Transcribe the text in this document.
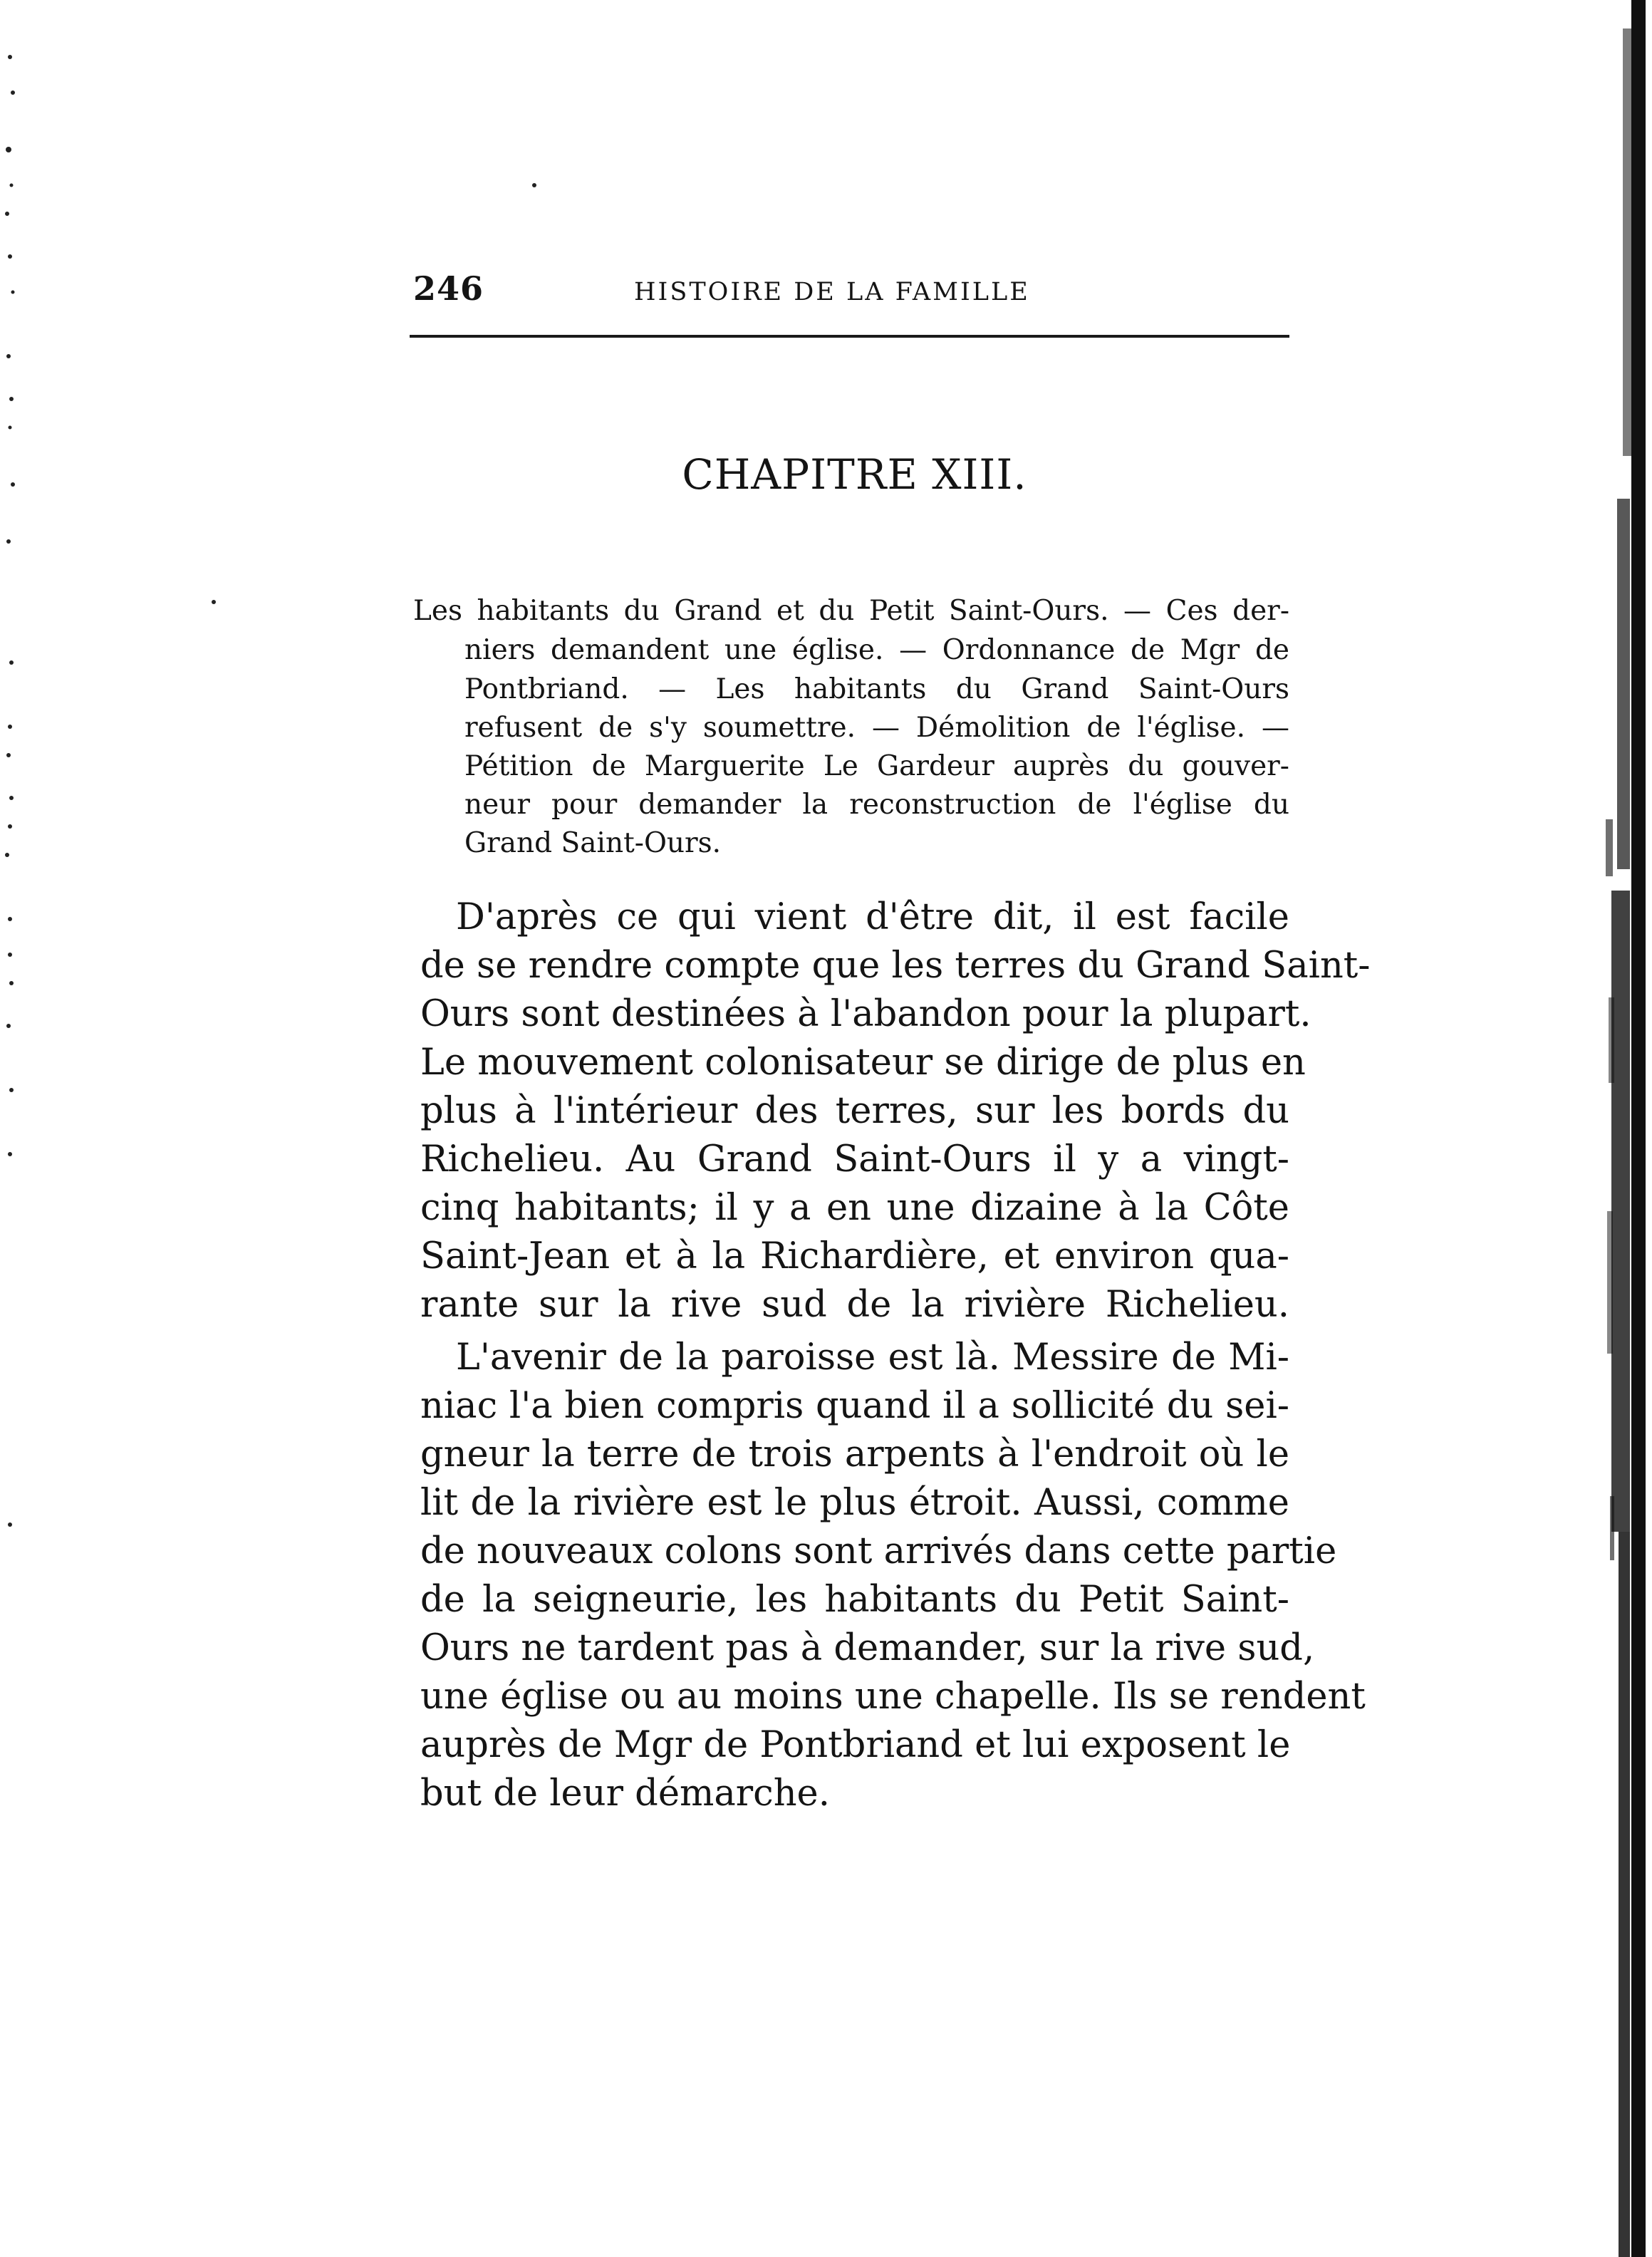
246	HISTOIRE DE LA FAMILLE
CHAPITRE XIII.
Les habitants du Grand et du Petit Saint-Ours. — Ces der-
niers demandent une église. — Ordonnance de Mgr de
Pontbriand. — Les habitants du Grand Saint-Ours
refusent de s'y soumettre. — Démolition de l'église. —
Pétition de Marguerite Le Gardeur auprès du gouver-
neur pour demander la reconstruction de l'église du
Grand Saint-Ours.
D'après ce qui vient d'être dit, il est facile
de se rendre compte que les terres du Grand Saint-
Ours sont destinées à l'abandon pour la plupart.
Le mouvement colonisateur se dirige de plus en
plus à l'intérieur des terres, sur les bords du
Richelieu. Au Grand Saint-Ours il y a vingt-
cinq habitants; il y a en une dizaine à la Côte
Saint-Jean et à la Richardière, et environ qua-
rante sur la rive sud de la rivière Richelieu.
L'avenir de la paroisse est là. Messire de Mi-
niac l'a bien compris quand il a sollicité du sei-
gneur la terre de trois arpents à l'endroit où le
lit de la rivière est le plus étroit. Aussi, comme
de nouveaux colons sont arrivés dans cette partie
de la seigneurie, les habitants du Petit Saint-
Ours ne tardent pas à demander, sur la rive sud,
une église ou au moins une chapelle. Ils se rendent
auprès de Mgr de Pontbriand et lui exposent le
but de leur démarche.
